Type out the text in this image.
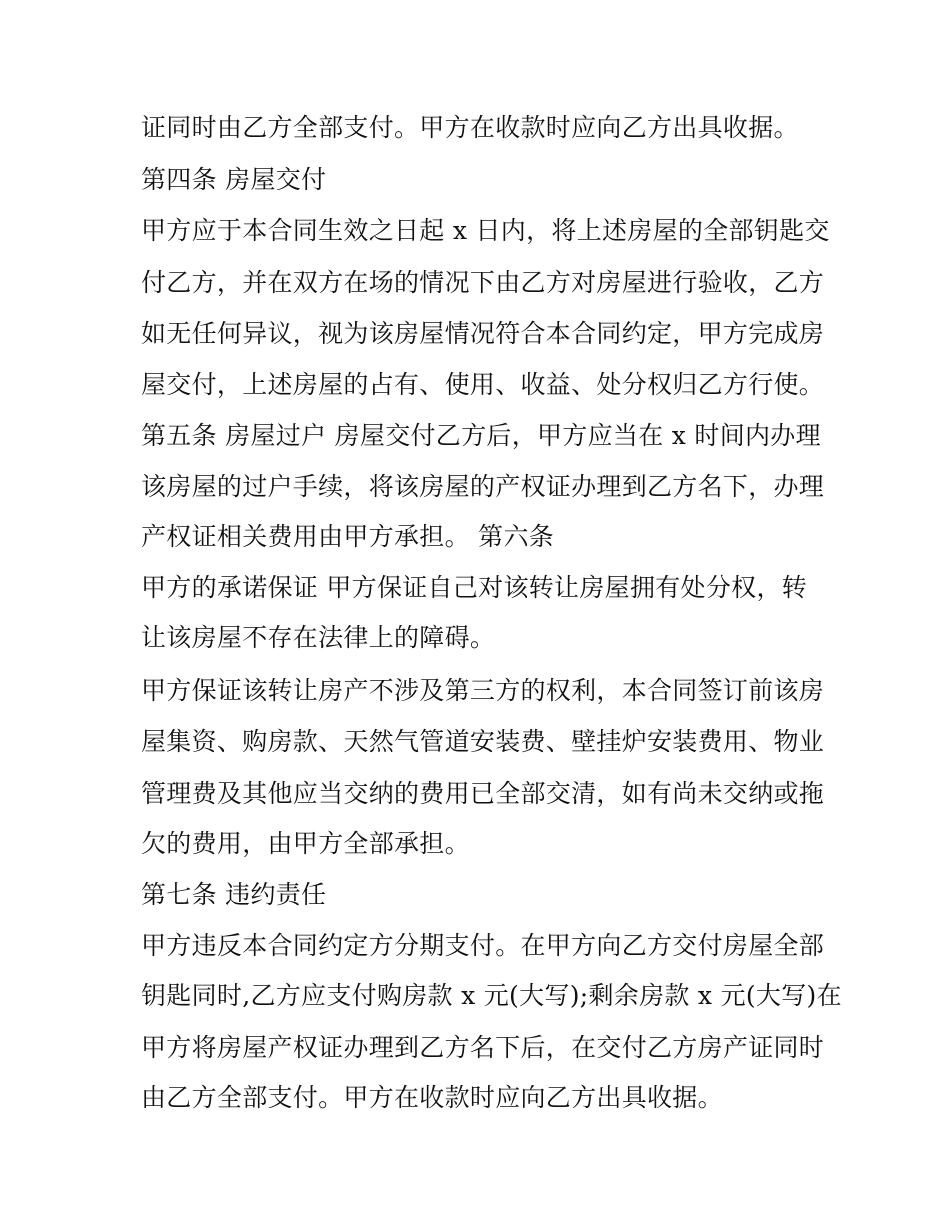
证同时由乙方全部支付。甲方在收款时应向乙方出具收据。
第四条 房屋交付
甲方应于本合同生效之日起 x 日内，将上述房屋的全部钥匙交
付乙方，并在双方在场的情况下由乙方对房屋进行验收，乙方
如无任何异议，视为该房屋情况符合本合同约定，甲方完成房
屋交付，上述房屋的占有、使用、收益、处分权归乙方行使。
第五条 房屋过户 房屋交付乙方后，甲方应当在 x 时间内办理
该房屋的过户手续，将该房屋的产权证办理到乙方名下，办理
产权证相关费用由甲方承担。 第六条
甲方的承诺保证 甲方保证自己对该转让房屋拥有处分权，转
让该房屋不存在法律上的障碍。
甲方保证该转让房产不涉及第三方的权利，本合同签订前该房
屋集资、购房款、天然气管道安装费、壁挂炉安装费用、物业
管理费及其他应当交纳的费用已全部交清，如有尚未交纳或拖
欠的费用，由甲方全部承担。
第七条 违约责任
甲方违反本合同约定方分期支付。在甲方向乙方交付房屋全部
钥匙同时,乙方应支付购房款 x 元(大写);剩余房款 x 元(大写)在
甲方将房屋产权证办理到乙方名下后，在交付乙方房产证同时
由乙方全部支付。甲方在收款时应向乙方出具收据。
